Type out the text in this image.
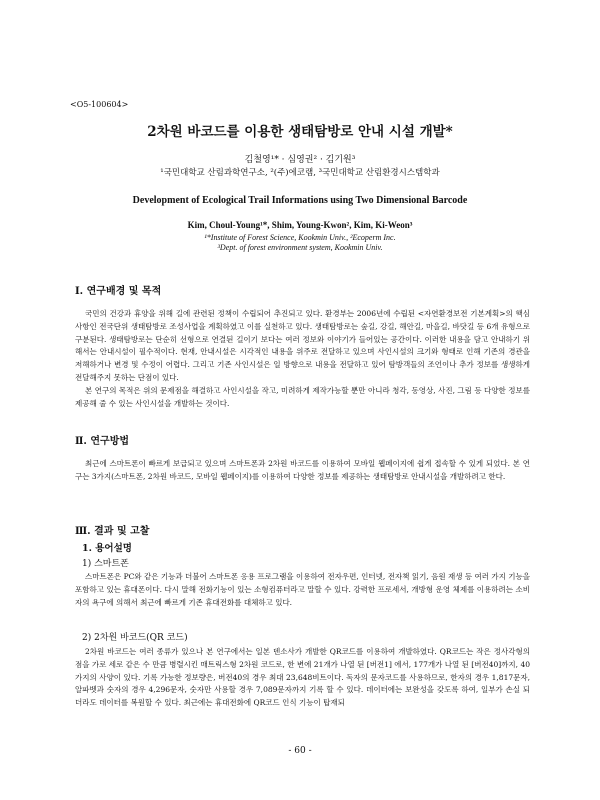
<O5-100604>
2차원 바코드를 이용한 생태탐방로 안내 시설 개발*
김철영¹* · 심영권² · 김기원³
¹국민대학교 산림과학연구소, ²(주)에코램, ³국민대학교 산림환경시스템학과
Development of Ecological Trail Informations using Two Dimensional Barcode
Kim, Choul-Young¹*, Shim, Young-Kwon², Kim, Ki-Weon³
¹*Institute of Forest Science, Kookmin Univ., ²Ecoperm Inc.
³Dept. of forest environment system, Kookmin Univ.
Ⅰ. 연구배경 및 목적
국민의 건강과 휴양을 위해 길에 관련된 정책이 수립되어 추진되고 있다. 환경부는 2006년에 수립된 <자연환경보전 기본계획>의 핵심사항인 전국단위 생태탐방로 조성사업을 계획하였고 이를 실천하고 있다. 생태탐방로는 숲길, 강길, 해안길, 마을길, 바닷길 등 6개 유형으로 구분된다. 생태탐방로는 단순히 선형으로 연결된 길이기 보다는 여러 정보와 이야기가 들어있는 공간이다. 이러한 내용을 담고 안내하기 위해서는 안내시설이 필수적이다. 현재, 안내시설은 시각적인 내용을 위주로 전달하고 있으며 사인시설의 크기와 형태로 인해 기존의 경관을 저해하거나 변경 및 수정이 어렵다. 그리고 기존 사인시설은 일 방향으로 내용을 전달하고 있어 탐방객들의 조언이나 추가 정보를 생생하게 전달해주지 못하는 단점이 있다.
본 연구의 목적은 위의 문제점을 해결하고 사인시설을 작고, 미려하게 제작가능할 뿐만 아니라 청각, 동영상, 사진, 그림 등 다양한 정보를 제공해 줄 수 있는 사인시설을 개발하는 것이다.
Ⅱ. 연구방법
최근에 스마트폰이 빠르게 보급되고 있으며 스마트폰과 2차원 바코드를 이용하여 모바일 웹페이지에 쉽게 접속할 수 있게 되었다. 본 연구는 3가지(스마트폰, 2차원 바코드, 모바일 웹페이지)를 이용하여 다양한 정보를 제공하는 생태탐방로 안내시설을 개발하려고 한다.
Ⅲ. 결과 및 고찰
1. 용어설명
1) 스마트폰
스마트폰은 PC와 같은 기능과 더불어 스마트폰 응용 프로그램을 이용하여 전자우편, 인터넷, 전자책 읽기, 음원 재생 등 여러 가지 기능을 포함하고 있는 휴대폰이다. 다시 말해 전화기능이 있는 소형컴퓨터라고 말할 수 있다. 강력한 프로세서, 개방형 운영 체제를 이용하려는 소비자의 욕구에 의해서 최근에 빠르게 기존 휴대전화를 대체하고 있다.
2) 2차원 바코드(QR 코드)
2차원 바코드는 여러 종류가 있으나 본 연구에서는 일본 덴소사가 개발한 QR코드를 이용하여 개발하였다. QR코드는 작은 정사각형의 점을 가로 세로 같은 수 만큼 병렬시킨 매트릭스형 2차원 코드로, 한 변에 21개가 나열 된 [버전1] 에서, 177개가 나열 된 [버전40]까지, 40가지의 사양이 있다. 기록 가능한 정보량은, 버전40의 경우 최대 23,648비트이다. 독자의 문자코드를 사용하므로, 한자의 경우 1,817문자, 알파벳과 숫자의 경우 4,296문자, 숫자만 사용할 경우 7,089문자까지 기록 할 수 있다. 데이터에는 보완성을 갖도록 하여, 일부가 손실 되더라도 데이터를 복원할 수 있다. 최근에는 휴대전화에 QR코드 인식 기능이 탑재되
- 60 -
